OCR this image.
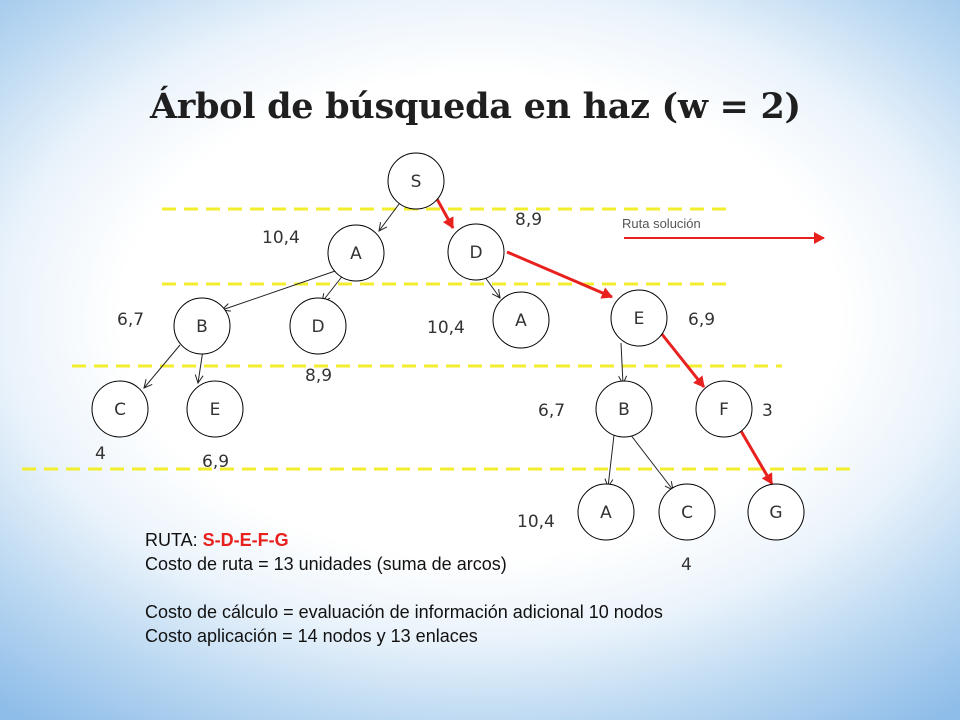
Árbol de búsqueda en haz (w = 2)
Ruta solución
S
A	D
B	D	A	E
C	E	B	F
A	C	G
10,4
8,9
6,7
8,9
10,4	6,9
4	6,9
6,7	3
10,4
4
RUTA: S-D-E-F-G
Costo de ruta = 13 unidades (suma de arcos)
Costo de cálculo = evaluación de información adicional 10 nodos
Costo aplicación = 14 nodos y 13 enlaces
